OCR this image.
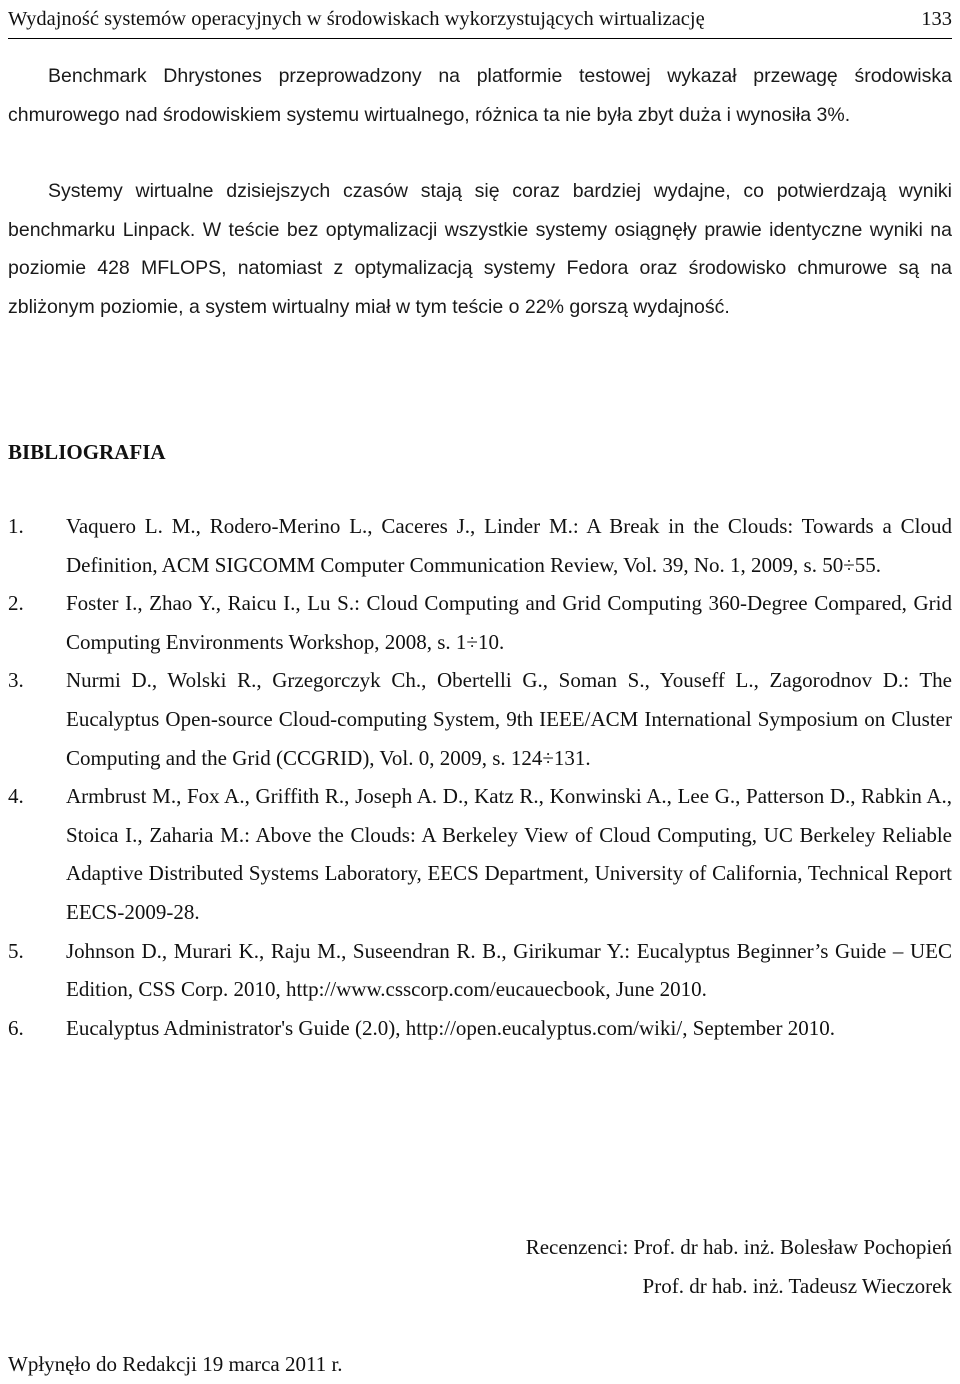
Wydajność systemów operacyjnych w środowiskach wykorzystujących wirtualizację	133

Benchmark Dhrystones przeprowadzony na platformie testowej wykazał przewagę środowiska chmurowego nad środowiskiem systemu wirtualnego, różnica ta nie była zbyt duża i wynosiła 3%.

Systemy wirtualne dzisiejszych czasów stają się coraz bardziej wydajne, co potwierdzają wyniki benchmarku Linpack. W teście bez optymalizacji wszystkie systemy osiągnęły prawie identyczne wyniki na poziomie 428 MFLOPS, natomiast z optymalizacją systemy Fedora oraz środowisko chmurowe są na zbliżonym poziomie, a system wirtualny miał w tym teście o 22% gorszą wydajność.

BIBLIOGRAFIA
1. Vaquero L. M., Rodero-Merino L., Caceres J., Linder M.: A Break in the Clouds: Towards a Cloud Definition, ACM SIGCOMM Computer Communication Review, Vol. 39, No. 1, 2009, s. 50÷55.
2. Foster I., Zhao Y., Raicu I., Lu S.: Cloud Computing and Grid Computing 360-Degree Compared, Grid Computing Environments Workshop, 2008, s. 1÷10.
3. Nurmi D., Wolski R., Grzegorczyk Ch., Obertelli G., Soman S., Youseff L., Zagorodnov D.: The Eucalyptus Open-source Cloud-computing System, 9th IEEE/ACM International Symposium on Cluster Computing and the Grid (CCGRID), Vol. 0, 2009, s. 124÷131.
4. Armbrust M., Fox A., Griffith R., Joseph A. D., Katz R., Konwinski A., Lee G., Patterson D., Rabkin A., Stoica I., Zaharia M.: Above the Clouds: A Berkeley View of Cloud Computing, UC Berkeley Reliable Adaptive Distributed Systems Laboratory, EECS Department, University of California, Technical Report EECS-2009-28.
5. Johnson D., Murari K., Raju M., Suseendran R. B., Girikumar Y.: Eucalyptus Beginner’s Guide – UEC Edition, CSS Corp. 2010, http://www.csscorp.com/eucauecbook, June 2010.
6. Eucalyptus Administrator's Guide (2.0), http://open.eucalyptus.com/wiki/, September 2010.
Recenzenci: Prof. dr hab. inż. Bolesław Pochopień
Prof. dr hab. inż. Tadeusz Wieczorek
Wpłynęło do Redakcji 19 marca 2011 r.
